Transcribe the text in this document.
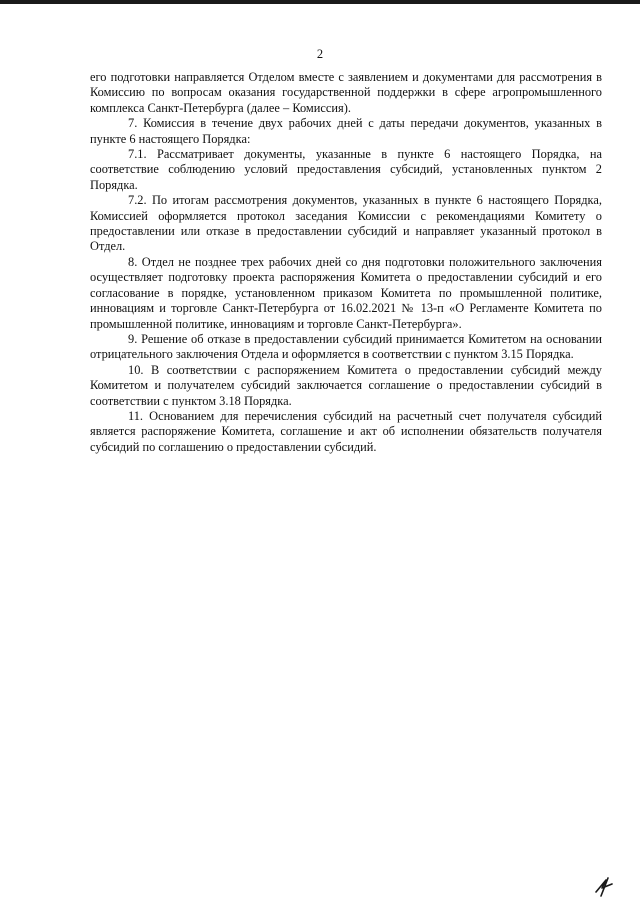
2

его подготовки направляется Отделом вместе с заявлением и документами для рассмотрения в Комиссию по вопросам оказания государственной поддержки в сфере агропромышленного комплекса Санкт-Петербурга (далее – Комиссия).

7. Комиссия в течение двух рабочих дней с даты передачи документов, указанных в пункте 6 настоящего Порядка:

7.1. Рассматривает документы, указанные в пункте 6 настоящего Порядка, на соответствие соблюдению условий предоставления субсидий, установленных пунктом 2 Порядка.

7.2. По итогам рассмотрения документов, указанных в пункте 6 настоящего Порядка, Комиссией оформляется протокол заседания Комиссии с рекомендациями Комитету о предоставлении или отказе в предоставлении субсидий и направляет указанный протокол в Отдел.

8. Отдел не позднее трех рабочих дней со дня подготовки положительного заключения осуществляет подготовку проекта распоряжения Комитета о предоставлении субсидий и его согласование в порядке, установленном приказом Комитета по промышленной политике, инновациям и торговле Санкт-Петербурга от 16.02.2021 № 13-п «О Регламенте Комитета по промышленной политике, инновациям и торговле Санкт-Петербурга».

9. Решение об отказе в предоставлении субсидий принимается Комитетом на основании отрицательного заключения Отдела и оформляется в соответствии с пунктом 3.15 Порядка.

10. В соответствии с распоряжением Комитета о предоставлении субсидий между Комитетом и получателем субсидий заключается соглашение о предоставлении субсидий в соответствии с пунктом 3.18 Порядка.

11. Основанием для перечисления субсидий на расчетный счет получателя субсидий является распоряжение Комитета, соглашение и акт об исполнении обязательств получателя субсидий по соглашению о предоставлении субсидий.
